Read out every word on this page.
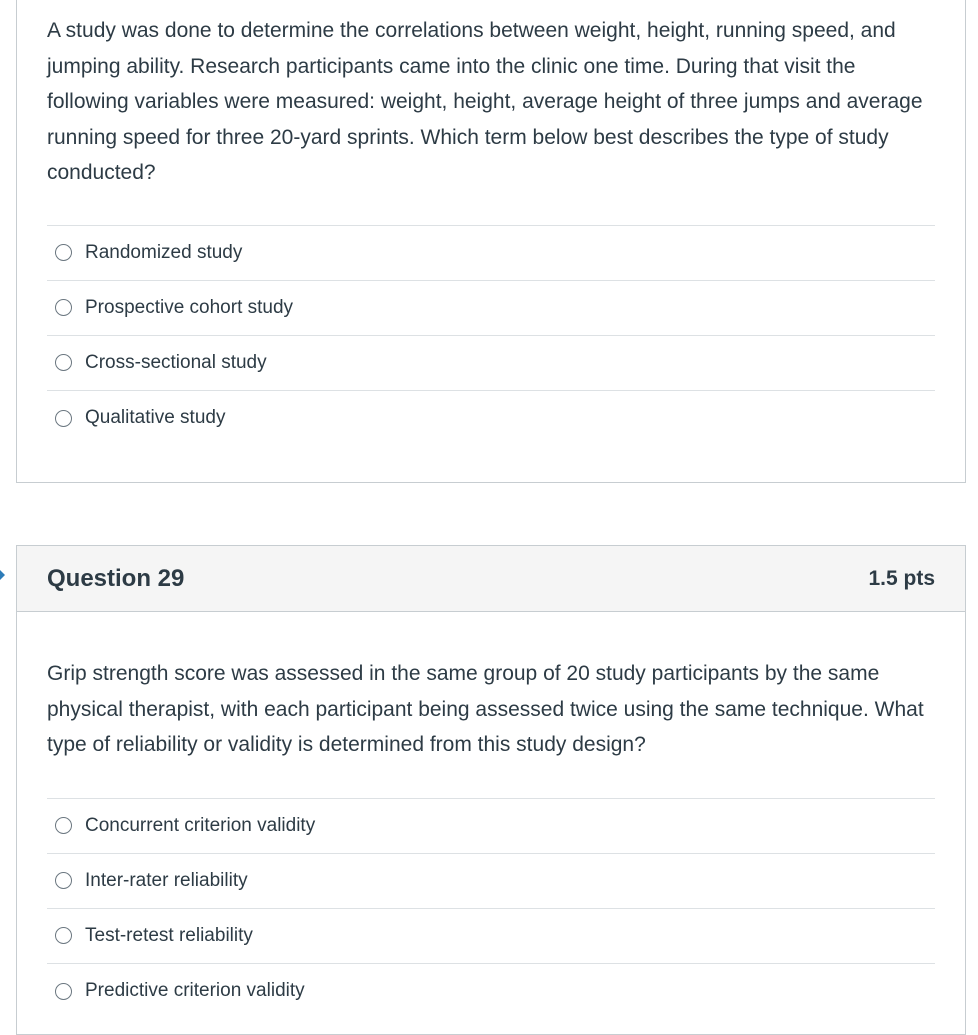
A study was done to determine the correlations between weight, height, running speed, and jumping ability. Research participants came into the clinic one time. During that visit the following variables were measured: weight, height, average height of three jumps and average running speed for three 20-yard sprints. Which term below best describes the type of study conducted?
Randomized study
Prospective cohort study
Cross-sectional study
Qualitative study
Question 29	1.5 pts
Grip strength score was assessed in the same group of 20 study participants by the same physical therapist, with each participant being assessed twice using the same technique. What type of reliability or validity is determined from this study design?
Concurrent criterion validity
Inter-rater reliability
Test-retest reliability
Predictive criterion validity
